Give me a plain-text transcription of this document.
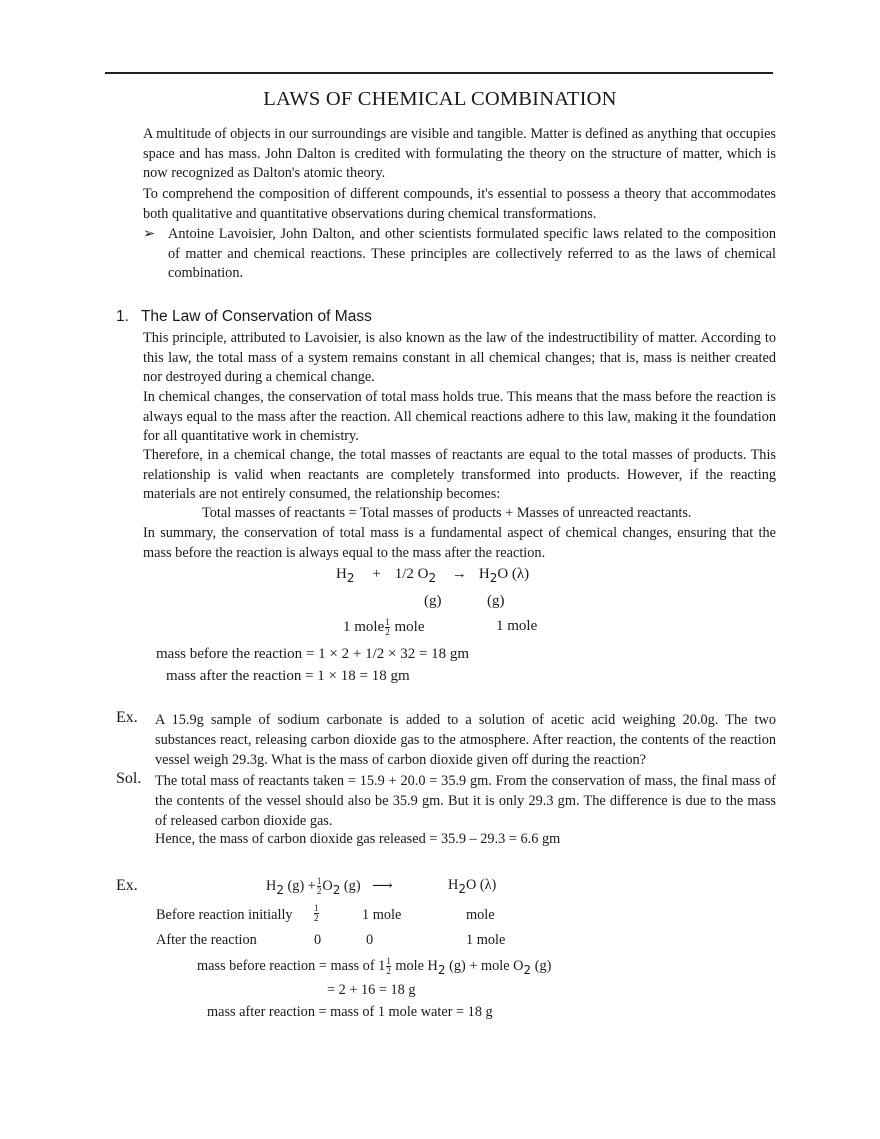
LAWS OF CHEMICAL COMBINATION
A multitude of objects in our surroundings are visible and tangible. Matter is defined as anything that occupies space and has mass. John Dalton is credited with formulating the theory on the structure of matter, which is now recognized as Dalton's atomic theory.
To comprehend the composition of different compounds, it's essential to possess a theory that accommodates both qualitative and quantitative observations during chemical transformations.
➢ Antoine Lavoisier, John Dalton, and other scientists formulated specific laws related to the composition of matter and chemical reactions. These principles are collectively referred to as the laws of chemical combination.
1. The Law of Conservation of Mass
This principle, attributed to Lavoisier, is also known as the law of the indestructibility of matter. According to this law, the total mass of a system remains constant in all chemical changes; that is, mass is neither created nor destroyed during a chemical change.
In chemical changes, the conservation of total mass holds true. This means that the mass before the reaction is always equal to the mass after the reaction. All chemical reactions adhere to this law, making it the foundation for all quantitative work in chemistry.
Therefore, in a chemical change, the total masses of reactants are equal to the total masses of products. This relationship is valid when reactants are completely transformed into products. However, if the reacting materials are not entirely consumed, the relationship becomes:
Total masses of reactants = Total masses of products + Masses of unreacted reactants.
In summary, the conservation of total mass is a fundamental aspect of chemical changes, ensuring that the mass before the reaction is always equal to the mass after the reaction.
$H_2 + 1/2$ $O_2 \to H_2O$ (λ)
(g)	(g)
1 mole $\frac{1}{2}$ mole	1 mole
mass before the reaction = 1 × 2 + 1/2 × 32 = 18 gm
mass after the reaction = 1 × 18 = 18 gm
Ex. A 15.9g sample of sodium carbonate is added to a solution of acetic acid weighing 20.0g. The two substances react, releasing carbon dioxide gas to the atmosphere. After reaction, the contents of the reaction vessel weigh 29.3g. What is the mass of carbon dioxide given off during the reaction?
Sol. The total mass of reactants taken = 15.9 + 20.0 = 35.9 gm. From the conservation of mass, the final mass of the contents of the vessel should also be 35.9 gm. But it is only 29.3 gm. The difference is due to the mass of released carbon dioxide gas.
Hence, the mass of carbon dioxide gas released = 35.9 – 29.3 = 6.6 gm
Ex.	$H_2$ $(g) + \frac{1}{2} O_2$ (g) ⟶	$H_2O$ (λ)
Before reaction initially $\frac{1}{2}$	1 mole	mole
After the reaction	0	0	1 mole
mass before reaction = mass of $1 \frac{1}{2}$ mole $H_2$ (g) + mole $O_2$ (g)
= 2 + 16 = 18 g
mass after reaction = mass of 1 mole water = 18 g
